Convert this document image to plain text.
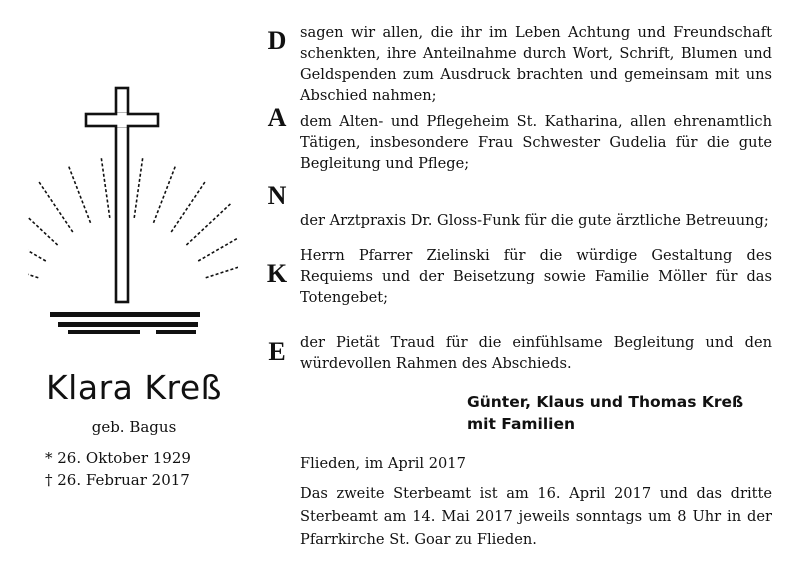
Klara Kreß
geb. Bagus
* 26. Oktober 1929
† 26. Februar 2017
D sagen wir allen, die ihr im Leben Achtung und Freundschaft schenkten, ihre Anteilnahme durch Wort, Schrift, Blumen und Geldspenden zum Ausdruck brachten und gemeinsam mit uns Abschied nahmen;
A dem Alten- und Pflegeheim St. Katharina, allen ehrenamtlich Tätigen, insbesondere Frau Schwester Gudelia für die gute Begleitung und Pflege;
N
der Arztpraxis Dr. Gloss-Funk für die gute ärztliche Betreuung;
K
Herrn Pfarrer Zielinski für die würdige Gestaltung des Requiems und der Beisetzung sowie Familie Möller für das Totengebet;
E der Pietät Traud für die einfühlsame Begleitung und den würdevollen Rahmen des Abschieds.
Günter, Klaus und Thomas Kreß
mit Familien
Flieden, im April 2017
Das zweite Sterbeamt ist am 16. April 2017 und das dritte Sterbeamt am 14. Mai 2017 jeweils sonntags um 8 Uhr in der Pfarrkirche St. Goar zu Flieden.
